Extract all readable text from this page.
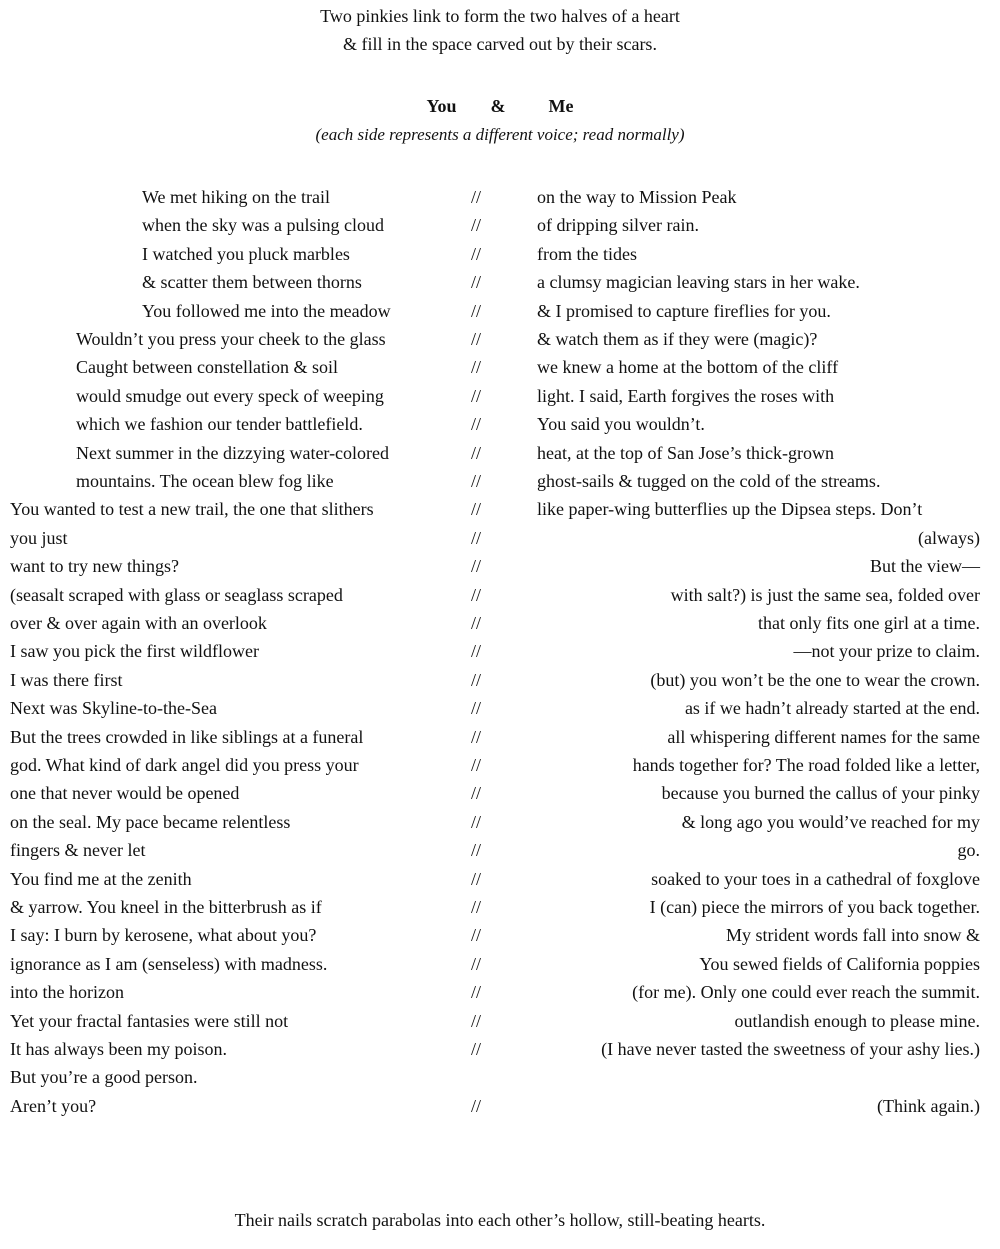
Two pinkies link to form the two halves of a heart
& fill in the space carved out by their scars.
You & Me
(each side represents a different voice; read normally)
We met hiking on the trail	//	on the way to Mission Peak
when the sky was a pulsing cloud	//	of dripping silver rain.
I watched you pluck marbles	//	from the tides
& scatter them between thorns	//	a clumsy magician leaving stars in her wake.
You followed me into the meadow	//	& I promised to capture fireflies for you.
Wouldn’t you press your cheek to the glass	//	& watch them as if they were (magic)?
Caught between constellation & soil	//	we knew a home at the bottom of the cliff
would smudge out every speck of weeping	//	light. I said, Earth forgives the roses with
which we fashion our tender battlefield.	//	You said you wouldn’t.
Next summer in the dizzying water-colored	//	heat, at the top of San Jose’s thick-grown
mountains. The ocean blew fog like	//	ghost-sails & tugged on the cold of the streams.
You wanted to test a new trail, the one that slithers	//	like paper-wing butterflies up the Dipsea steps. Don’t
you just	//	(always)
want to try new things?	//	But the view—
(seasalt scraped with glass or seaglass scraped	//	with salt?) is just the same sea, folded over
over & over again with an overlook	//	that only fits one girl at a time.
I saw you pick the first wildflower	//	—not your prize to claim.
I was there first	//	(but) you won’t be the one to wear the crown.
Next was Skyline-to-the-Sea	//	as if we hadn’t already started at the end.
But the trees crowded in like siblings at a funeral	//	all whispering different names for the same
god. What kind of dark angel did you press your	//	hands together for? The road folded like a letter,
one that never would be opened	//	because you burned the callus of your pinky
on the seal. My pace became relentless	//	& long ago you would’ve reached for my
fingers & never let	//	go.
You find me at the zenith	//	soaked to your toes in a cathedral of foxglove
& yarrow. You kneel in the bitterbrush as if	//	I (can) piece the mirrors of you back together.
I say: I burn by kerosene, what about you?	//	My strident words fall into snow &
ignorance as I am (senseless) with madness.	//	You sewed fields of California poppies
into the horizon	//	(for me). Only one could ever reach the summit.
Yet your fractal fantasies were still not	//	outlandish enough to please mine.
It has always been my poison.	//	(I have never tasted the sweetness of your ashy lies.)
But you’re a good person.
Aren’t you?	//	(Think again.)
Their nails scratch parabolas into each other’s hollow, still-beating hearts.
